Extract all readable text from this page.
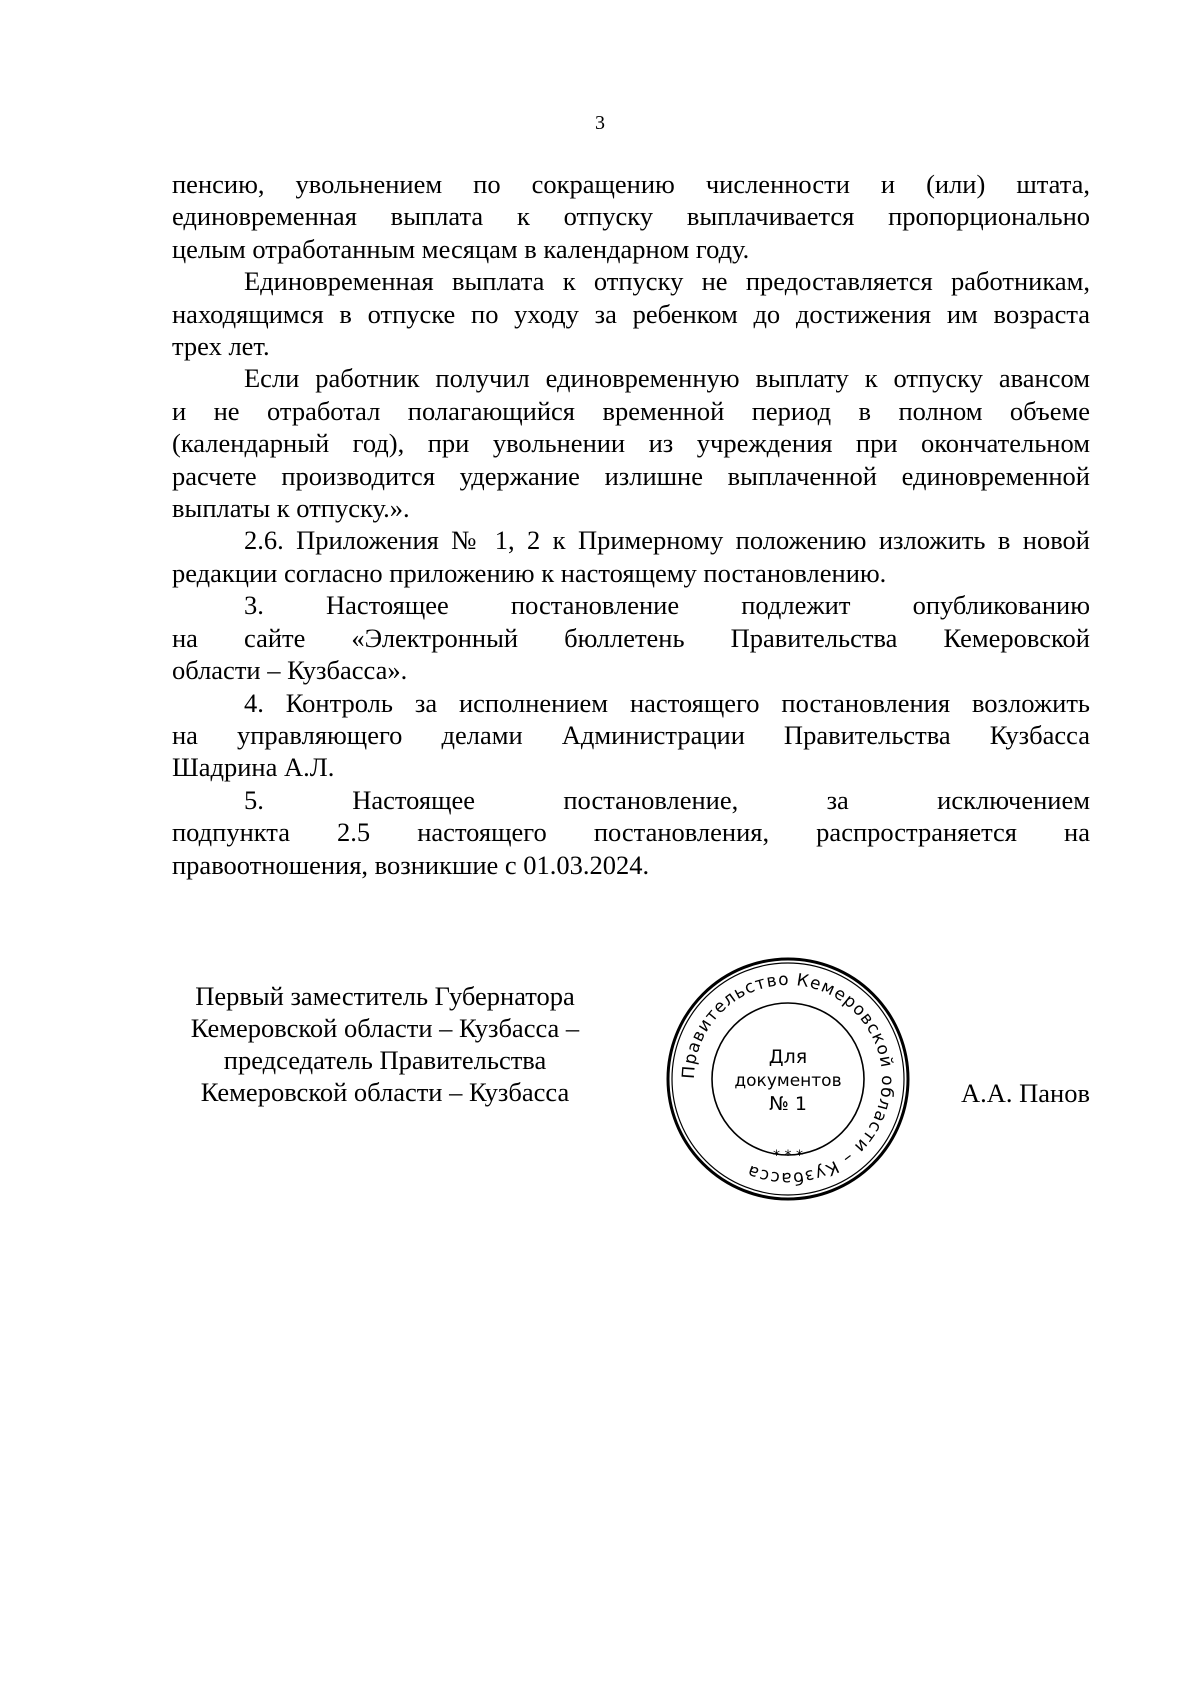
3

пенсию, увольнением по сокращению численности и (или) штата,
единовременная выплата к отпуску выплачивается пропорционально
целым отработанным месяцам в календарном году.

Единовременная выплата к отпуску не предоставляется работникам,
находящимся в отпуске по уходу за ребенком до достижения им возраста
трех лет.

Если работник получил единовременную выплату к отпуску авансом
и не отработал полагающийся временной период в полном объеме
(календарный год), при увольнении из учреждения при окончательном
расчете производится удержание излишне выплаченной единовременной
выплаты к отпуску.».

2.6. Приложения № 1, 2 к Примерному положению изложить в новой
редакции согласно приложению к настоящему постановлению.

3. Настоящее постановление подлежит опубликованию
на сайте «Электронный бюллетень Правительства Кемеровской
области – Кузбасса».

4. Контроль за исполнением настоящего постановления возложить
на управляющего делами Администрации Правительства Кузбасса
Шадрина А.Л.

5. Настоящее постановление, за исключением
подпункта 2.5 настоящего постановления, распространяется на
правоотношения, возникшие с 01.03.2024.

Первый заместитель Губернатора
Кемеровской области – Кузбасса –
председатель Правительства
Кемеровской области – Кузбасса
Правительство Кемеровской области – Кузбасса
* * *
Для
документов
№ 1	А.А. Панов
